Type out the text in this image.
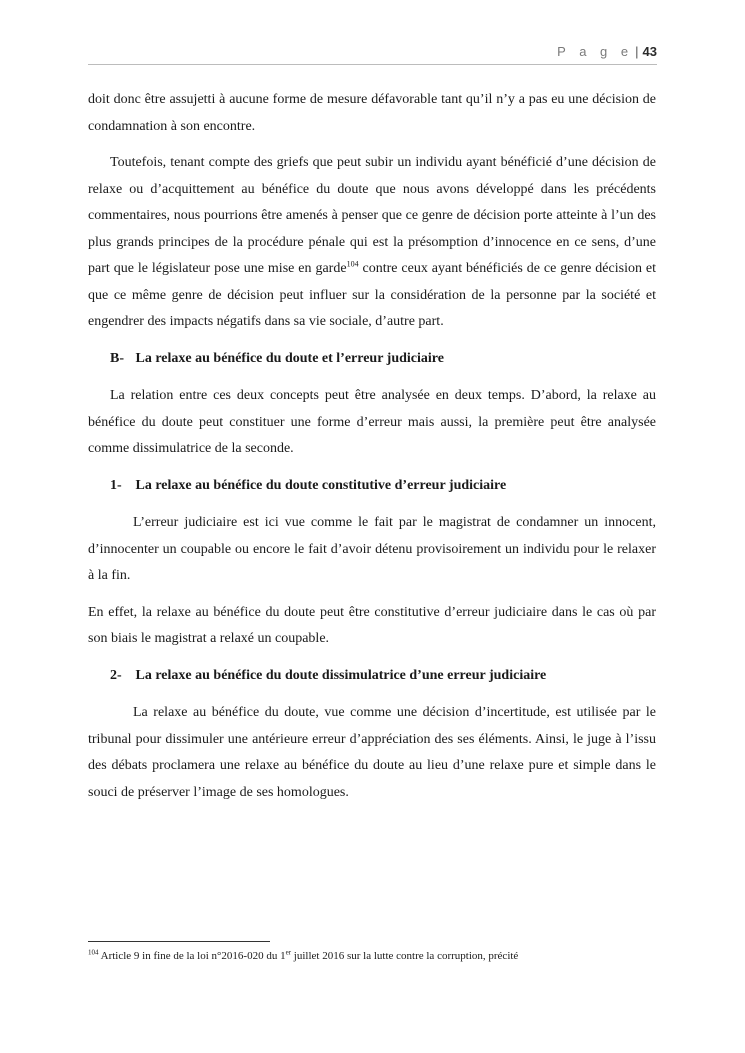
P a g e | 43

doit donc être assujetti à aucune forme de mesure défavorable tant qu’il n’y a pas eu une décision de condamnation à son encontre.

Toutefois, tenant compte des griefs que peut subir un individu ayant bénéficié d’une décision de relaxe ou d’acquittement au bénéfice du doute que nous avons développé dans les précédents commentaires, nous pourrions être amenés à penser que ce genre de décision porte atteinte à l’un des plus grands principes de la procédure pénale qui est la présomption d’innocence en ce sens, d’une part que le législateur pose une mise en garde$^{104}$ contre ceux ayant bénéficiés de ce genre décision et que ce même genre de décision peut influer sur la considération de la personne par la société et engendrer des impacts négatifs dans sa vie sociale, d’autre part.

B- La relaxe au bénéfice du doute et l’erreur judiciaire

La relation entre ces deux concepts peut être analysée en deux temps. D’abord, la relaxe au bénéfice du doute peut constituer une forme d’erreur mais aussi, la première peut être analysée comme dissimulatrice de la seconde.

1- La relaxe au bénéfice du doute constitutive d’erreur judiciaire

L’erreur judiciaire est ici vue comme le fait par le magistrat de condamner un innocent, d’innocenter un coupable ou encore le fait d’avoir détenu provisoirement un individu pour le relaxer à la fin.

En effet, la relaxe au bénéfice du doute peut être constitutive d’erreur judiciaire dans le cas où par son biais le magistrat a relaxé un coupable.

2- La relaxe au bénéfice du doute dissimulatrice d’une erreur judiciaire

La relaxe au bénéfice du doute, vue comme une décision d’incertitude, est utilisée par le tribunal pour dissimuler une antérieure erreur d’appréciation des ses éléments. Ainsi, le juge à l’issu des débats proclamera une relaxe au bénéfice du doute au lieu d’une relaxe pure et simple dans le souci de préserver l’image de ses homologues.

$^{104}$ Article 9 in fine de la loi n°2016-020 du 1er juillet 2016 sur la lutte contre la corruption, précité
